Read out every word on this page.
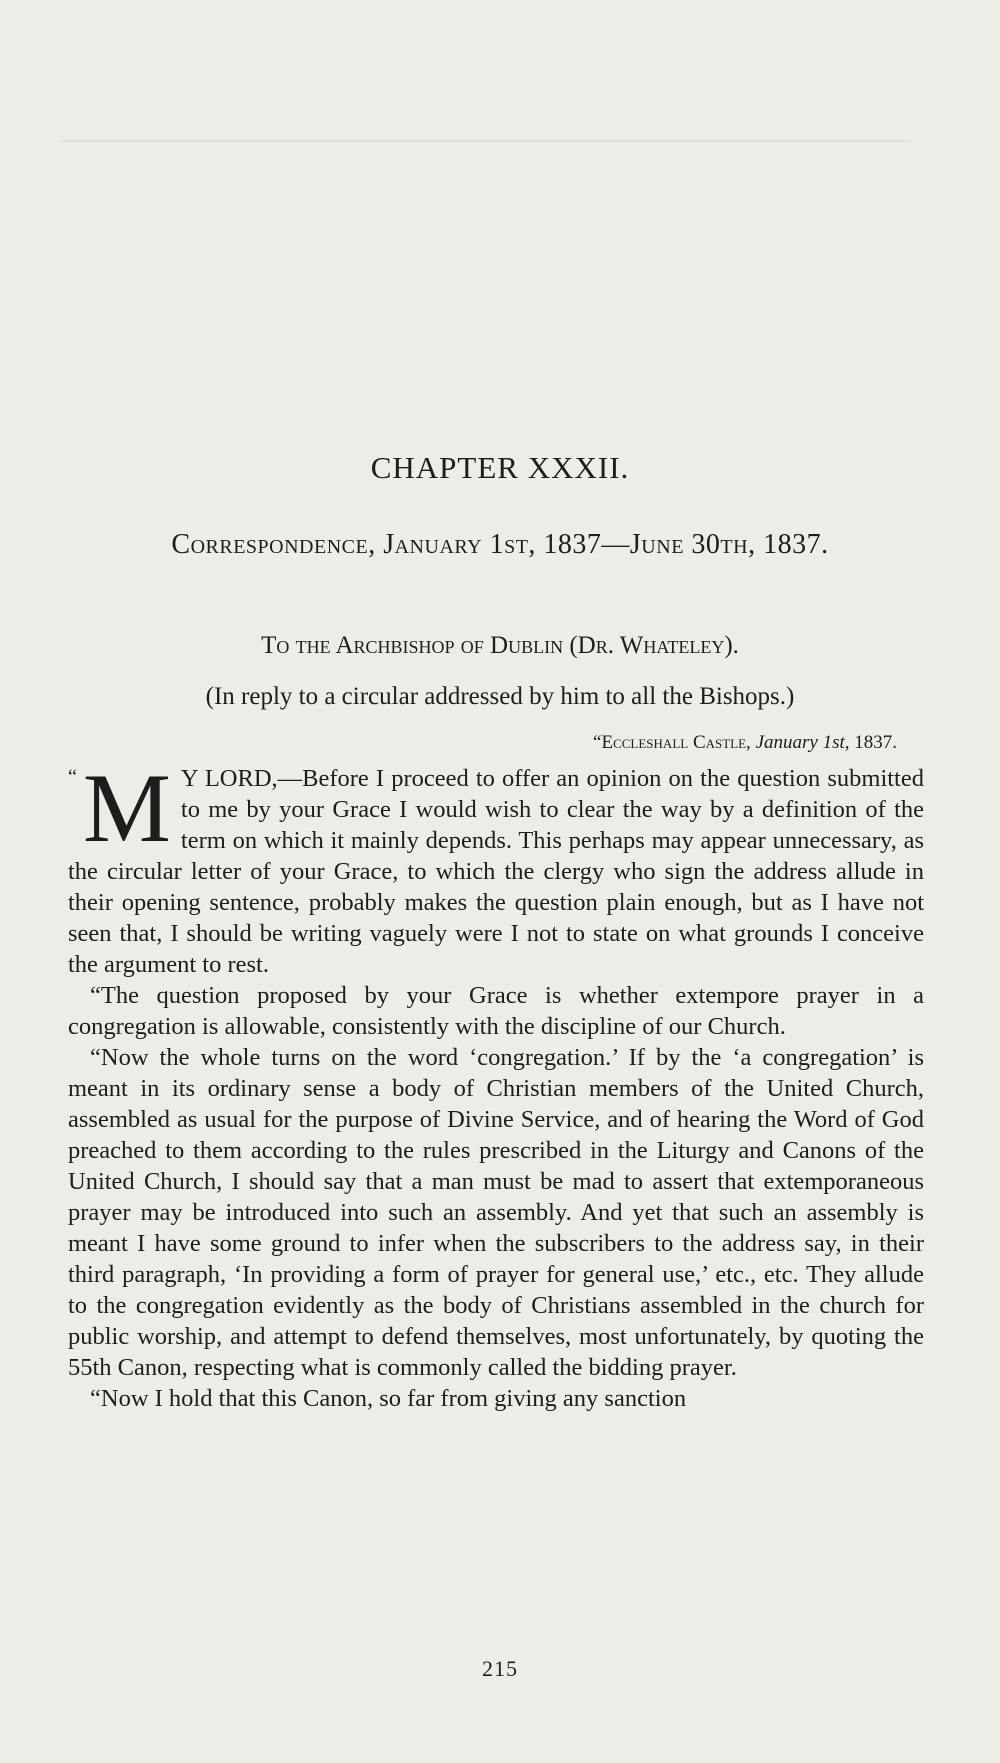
CHAPTER XXXII.
Correspondence, January 1st, 1837—June 30th, 1837.
To the Archbishop of Dublin (Dr. Whateley).
(In reply to a circular addressed by him to all the Bishops.)
“Eccleshall Castle, January 1st, 1837.

“ M Y LORD,—Before I proceed to offer an opinion on the question submitted to me by your Grace I would wish to clear the way by a definition of the term on which it mainly depends. This perhaps may appear unnecessary, as the circular letter of your Grace, to which the clergy who sign the address allude in their opening sentence, probably makes the question plain enough, but as I have not seen that, I should be writing vaguely were I not to state on what grounds I conceive the argument to rest.

“The question proposed by your Grace is whether extempore prayer in a congregation is allowable, consistently with the discipline of our Church.

“Now the whole turns on the word ‘congregation.’ If by the ‘a congregation’ is meant in its ordinary sense a body of Christian members of the United Church, assembled as usual for the purpose of Divine Service, and of hearing the Word of God preached to them according to the rules prescribed in the Liturgy and Canons of the United Church, I should say that a man must be mad to assert that extemporaneous prayer may be introduced into such an assembly. And yet that such an assembly is meant I have some ground to infer when the subscribers to the address say, in their third paragraph, ‘In providing a form of prayer for general use,’ etc., etc. They allude to the congregation evidently as the body of Christians assembled in the church for public worship, and attempt to defend themselves, most unfortunately, by quoting the 55th Canon, respecting what is commonly called the bidding prayer.

“Now I hold that this Canon, so far from giving any sanction

215
